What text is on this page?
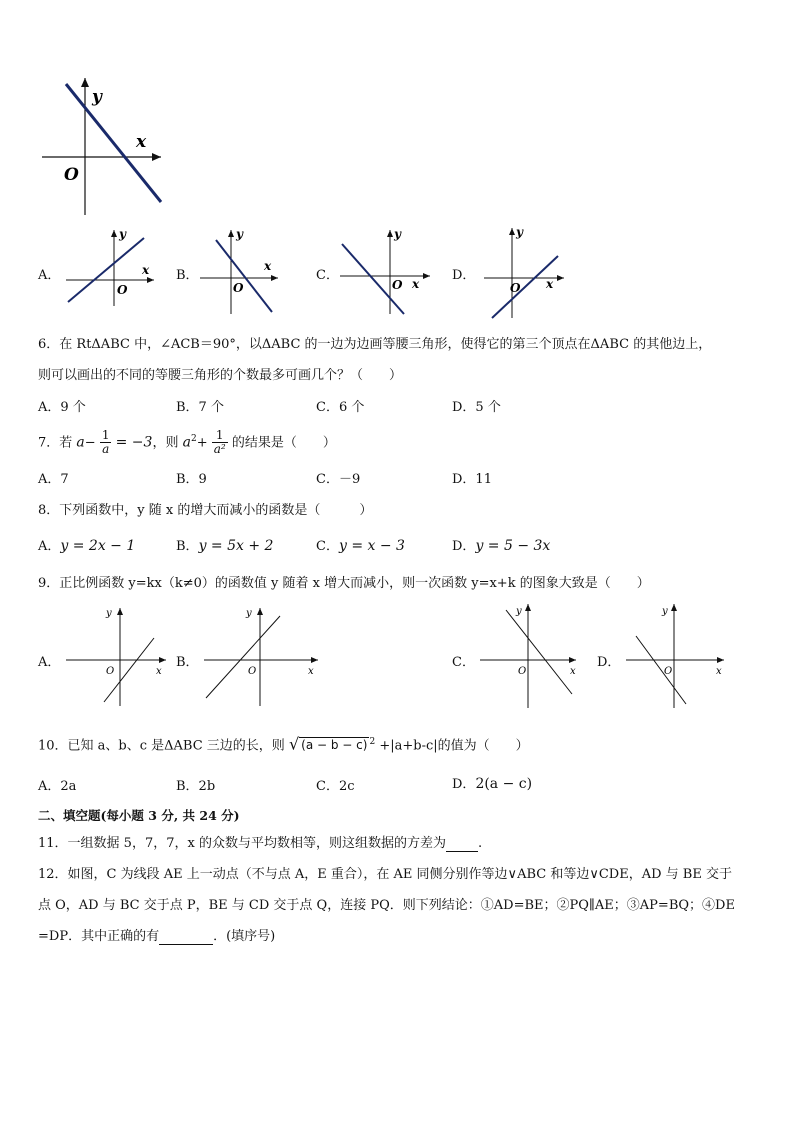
y
x
O
A．
y
x
O
B．
y
x
O
C．
y
x
O
D．
y
x
O
6．在 RtΔABC 中，∠ACB＝90°，以ΔABC 的一边为边画等腰三角形，使得它的第三个顶点在ΔABC 的其他边上，
则可以画出的不同的等腰三角形的个数最多可画几个？（　　）
A．9 个	B．7 个	C．6 个	D．5 个
7．若 $a- \frac{1}{a} = -3$，则 $a^2+ \frac{1}{\text{a²}}$ 的结果是（　　）
A．7	B．9	C．－9	D．11
8．下列函数中，y 随 x 的增大而减小的函数是（　　　）
A．y = 2x − 1	B．y = 5x + 2	C．y = x − 3	D．y = 5 − 3x
9．正比例函数 y=kx（k≠0）的函数值 y 随着 x 增大而减小，则一次函数 y=x+k 的图象大致是（　　）
A．
y
x
O
B．
y
x
O
C．
y
x
O
D．
y
x
O
10．已知 a、b、c 是ΔABC 三边的长，则 √ (a − b − c) $^2$ +|a+b-c|的值为（　　）
A．2a	B．2b	C．2c	D．2(a − c)
二、填空题(每小题 3 分, 共 24 分)
11．一组数据 5，7，7，x 的众数与平均数相等，则这组数据的方差为 .
12．如图，C 为线段 AE 上一动点（不与点 A，E 重合），在 AE 同侧分别作等边∨ABC 和等边∨CDE，AD 与 BE 交于
点 O，AD 与 BC 交于点 P，BE 与 CD 交于点 Q，连接 PQ．则下列结论：①AD=BE；②PQ∥AE；③AP=BQ；④DE
=DP．其中正确的有	．(填序号)
